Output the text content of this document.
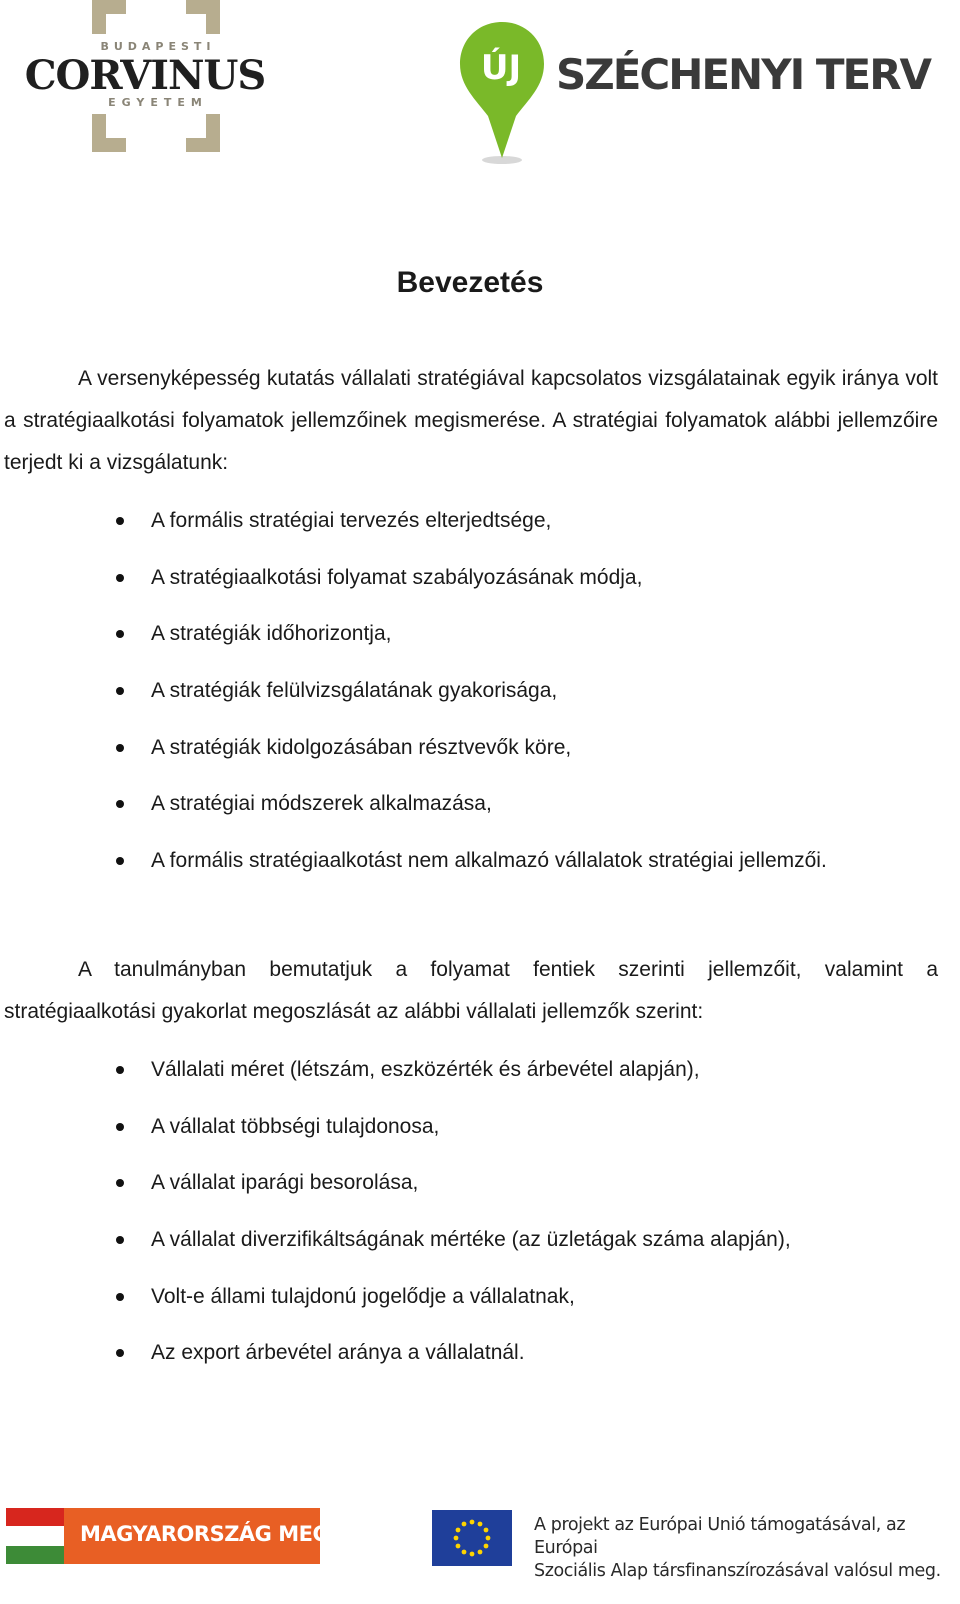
BUDAPESTI
CORVINUS
EGYETEM
ÚJ SZÉCHENYI TERV
Bevezetés

A versenyképesség kutatás vállalati stratégiával kapcsolatos vizsgálatainak egyik iránya volt a stratégiaalkotási folyamatok jellemzőinek megismerése. A stratégiai folyamatok alábbi jellemzőire terjedt ki a vizsgálatunk:

A formális stratégiai tervezés elterjedtsége,
A stratégiaalkotási folyamat szabályozásának módja,
A stratégiák időhorizontja,
A stratégiák felülvizsgálatának gyakorisága,
A stratégiák kidolgozásában résztvevők köre,
A stratégiai módszerek alkalmazása,
A formális stratégiaalkotást nem alkalmazó vállalatok stratégiai jellemzői.

A tanulmányban bemutatjuk a folyamat fentiek szerinti jellemzőit, valamint a stratégiaalkotási gyakorlat megoszlását az alábbi vállalati jellemzők szerint:

Vállalati méret (létszám, eszközérték és árbevétel alapján),
A vállalat többségi tulajdonosa,
A vállalat iparági besorolása,
A vállalat diverzifikáltságának mértéke (az üzletágak száma alapján),
Volt-e állami tulajdonú jogelődje a vállalatnak,
Az export árbevétel aránya a vállalatnál.
MAGYARORSZÁG MEGÚJUL	A projekt az Európai Unió támogatásával, az Európai
Szociális Alap társfinanszírozásával valósul meg.
